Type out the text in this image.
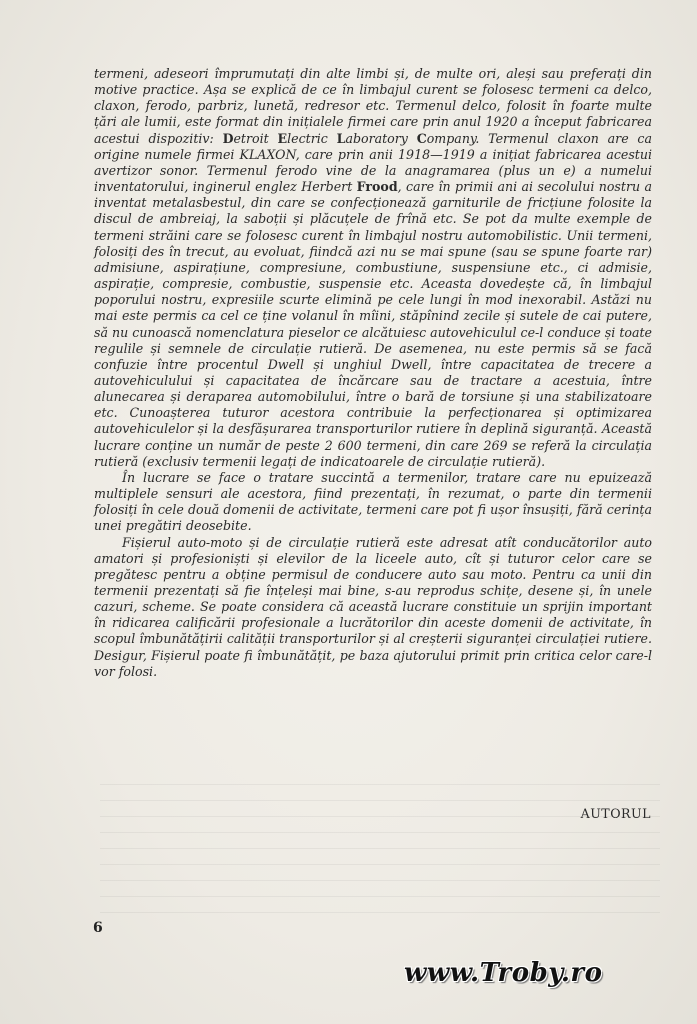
termeni, adeseori împrumutați din alte limbi și, de multe ori, aleși sau preferați din motive practice. Așa se explică de ce în limbajul curent se folosesc termeni ca delco, claxon, ferodo, parbriz, lunetă, redresor etc. Termenul delco, folosit în foarte multe țări ale lumii, este format din inițialele firmei care prin anul 1920 a început fabricarea acestui dispozitiv: Detroit Electric Laboratory Company. Termenul claxon are ca origine numele firmei KLAXON, care prin anii 1918—1919 a inițiat fabricarea acestui avertizor sonor. Termenul ferodo vine de la anagramarea (plus un e) a numelui inventatorului, inginerul englez Herbert Frood, care în primii ani ai secolului nostru a inventat metalasbestul, din care se confecționează garniturile de fricțiune folosite la discul de ambreiaj, la saboții și plăcuțele de frînă etc. Se pot da multe exemple de termeni străini care se folosesc curent în limbajul nostru automobilistic. Unii termeni, folosiți des în trecut, au evoluat, fiindcă azi nu se mai spune (sau se spune foarte rar) admisiune, aspirațiune, compresiune, combustiune, suspensiune etc., ci admisie, aspirație, compresie, combustie, suspensie etc. Aceasta dovedește că, în limbajul poporului nostru, expresiile scurte elimină pe cele lungi în mod inexorabil. Astăzi nu mai este permis ca cel ce ține volanul în mîini, stăpînind zecile și sutele de cai putere, să nu cunoască nomenclatura pieselor ce alcătuiesc autovehiculul ce-l conduce și toate regulile și semnele de circulație rutieră. De asemenea, nu este permis să se facă confuzie între procentul Dwell și unghiul Dwell, între capacitatea de trecere a autovehiculului și capacitatea de încărcare sau de tractare a acestuia, între alunecarea și deraparea automobilului, între o bară de torsiune și una stabilizatoare etc. Cunoașterea tuturor acestora contribuie la perfecționarea și optimizarea autovehiculelor și la desfășurarea transporturilor rutiere în deplină siguranță. Această lucrare conține un număr de peste 2 600 termeni, din care 269 se referă la circulația rutieră (exclusiv termenii legați de indicatoarele de circulație rutieră).

În lucrare se face o tratare succintă a termenilor, tratare care nu epuizează multiplele sensuri ale acestora, fiind prezentați, în rezumat, o parte din termenii folosiți în cele două domenii de activitate, termeni care pot fi ușor însușiți, fără cerința unei pregătiri deosebite.

Fișierul auto-moto și de circulație rutieră este adresat atît conducătorilor auto amatori și profesioniști și elevilor de la liceele auto, cît și tuturor celor care se pregătesc pentru a obține permisul de conducere auto sau moto. Pentru ca unii din termenii prezentați să fie înțeleși mai bine, s-au reprodus schițe, desene și, în unele cazuri, scheme. Se poate considera că această lucrare constituie un sprijin important în ridicarea calificării profesionale a lucrătorilor din aceste domenii de activitate, în scopul îmbunătățirii calității transporturilor și al creșterii siguranței circulației rutiere. Desigur, Fișierul poate fi îmbunătățit, pe baza ajutorului primit prin critica celor care-l vor folosi.

AUTORUL
6
www.Troby.ro
